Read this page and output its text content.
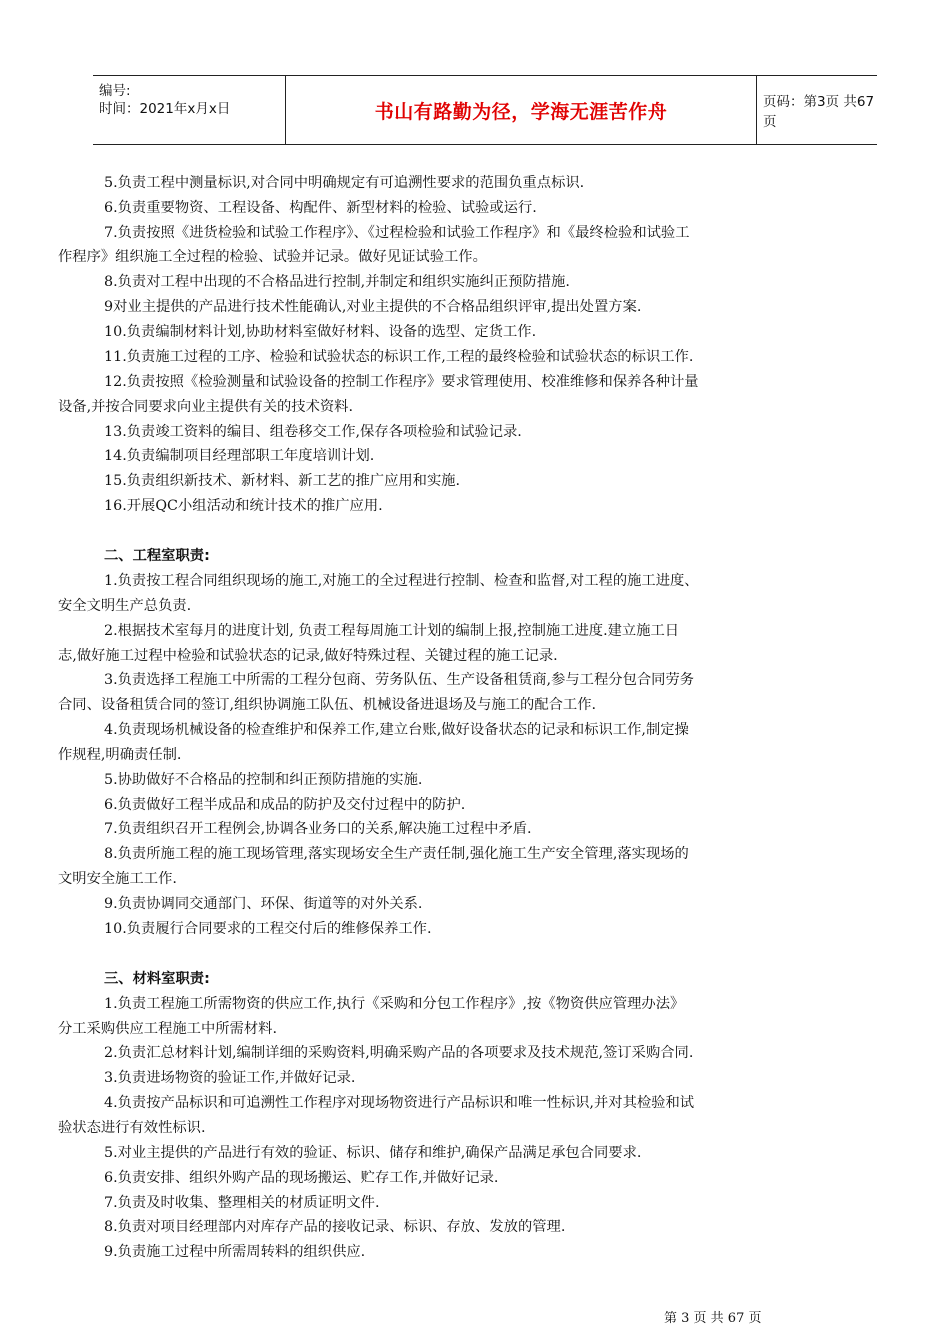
编号:
时间：2021年x月x日	书山有路勤为径，学海无涯苦作舟	页码：第3页 共67页
5.负责工程中测量标识,对合同中明确规定有可追溯性要求的范围负重点标识.
6.负责重要物资、工程设备、构配件、新型材料的检验、试验或运行.
7.负责按照《进货检验和试验工作程序》、《过程检验和试验工作程序》和《最终检验和试验工
作程序》组织施工全过程的检验、试验并记录。做好见证试验工作。
8.负责对工程中出现的不合格品进行控制,并制定和组织实施纠正预防措施.
9对业主提供的产品进行技术性能确认,对业主提供的不合格品组织评审,提出处置方案.
10.负责编制材料计划,协助材料室做好材料、设备的选型、定货工作.
11.负责施工过程的工序、检验和试验状态的标识工作,工程的最终检验和试验状态的标识工作.
12.负责按照《检验测量和试验设备的控制工作程序》要求管理使用、校准维修和保养各种计量
设备,并按合同要求向业主提供有关的技术资料.
13.负责竣工资料的编目、组卷移交工作,保存各项检验和试验记录.
14.负责编制项目经理部职工年度培训计划.
15.负责组织新技术、新材料、新工艺的推广应用和实施.
16.开展QC小组活动和统计技术的推广应用.
二、工程室职责:
1.负责按工程合同组织现场的施工,对施工的全过程进行控制、检查和监督,对工程的施工进度、
安全文明生产总负责.
2.根据技术室每月的进度计划, 负责工程每周施工计划的编制上报,控制施工进度.建立施工日
志,做好施工过程中检验和试验状态的记录,做好特殊过程、关键过程的施工记录.
3.负责选择工程施工中所需的工程分包商、劳务队伍、生产设备租赁商,参与工程分包合同劳务
合同、设备租赁合同的签订,组织协调施工队伍、机械设备进退场及与施工的配合工作.
4.负责现场机械设备的检查维护和保养工作,建立台账,做好设备状态的记录和标识工作,制定操
作规程,明确责任制.
5.协助做好不合格品的控制和纠正预防措施的实施.
6.负责做好工程半成品和成品的防护及交付过程中的防护.
7.负责组织召开工程例会,协调各业务口的关系,解决施工过程中矛盾.
8.负责所施工程的施工现场管理,落实现场安全生产责任制,强化施工生产安全管理,落实现场的
文明安全施工工作.
9.负责协调同交通部门、环保、街道等的对外关系.
10.负责履行合同要求的工程交付后的维修保养工作.
三、材料室职责:
1.负责工程施工所需物资的供应工作,执行《采购和分包工作程序》,按《物资供应管理办法》
分工采购供应工程施工中所需材料.
2.负责汇总材料计划,编制详细的采购资料,明确采购产品的各项要求及技术规范,签订采购合同.
3.负责进场物资的验证工作,并做好记录.
4.负责按产品标识和可追溯性工作程序对现场物资进行产品标识和唯一性标识,并对其检验和试
验状态进行有效性标识.
5.对业主提供的产品进行有效的验证、标识、储存和维护,确保产品满足承包合同要求.
6.负责安排、组织外购产品的现场搬运、贮存工作,并做好记录.
7.负责及时收集、整理相关的材质证明文件.
8.负责对项目经理部内对库存产品的接收记录、标识、存放、发放的管理.
9.负责施工过程中所需周转料的组织供应.
第 3 页 共 67 页
